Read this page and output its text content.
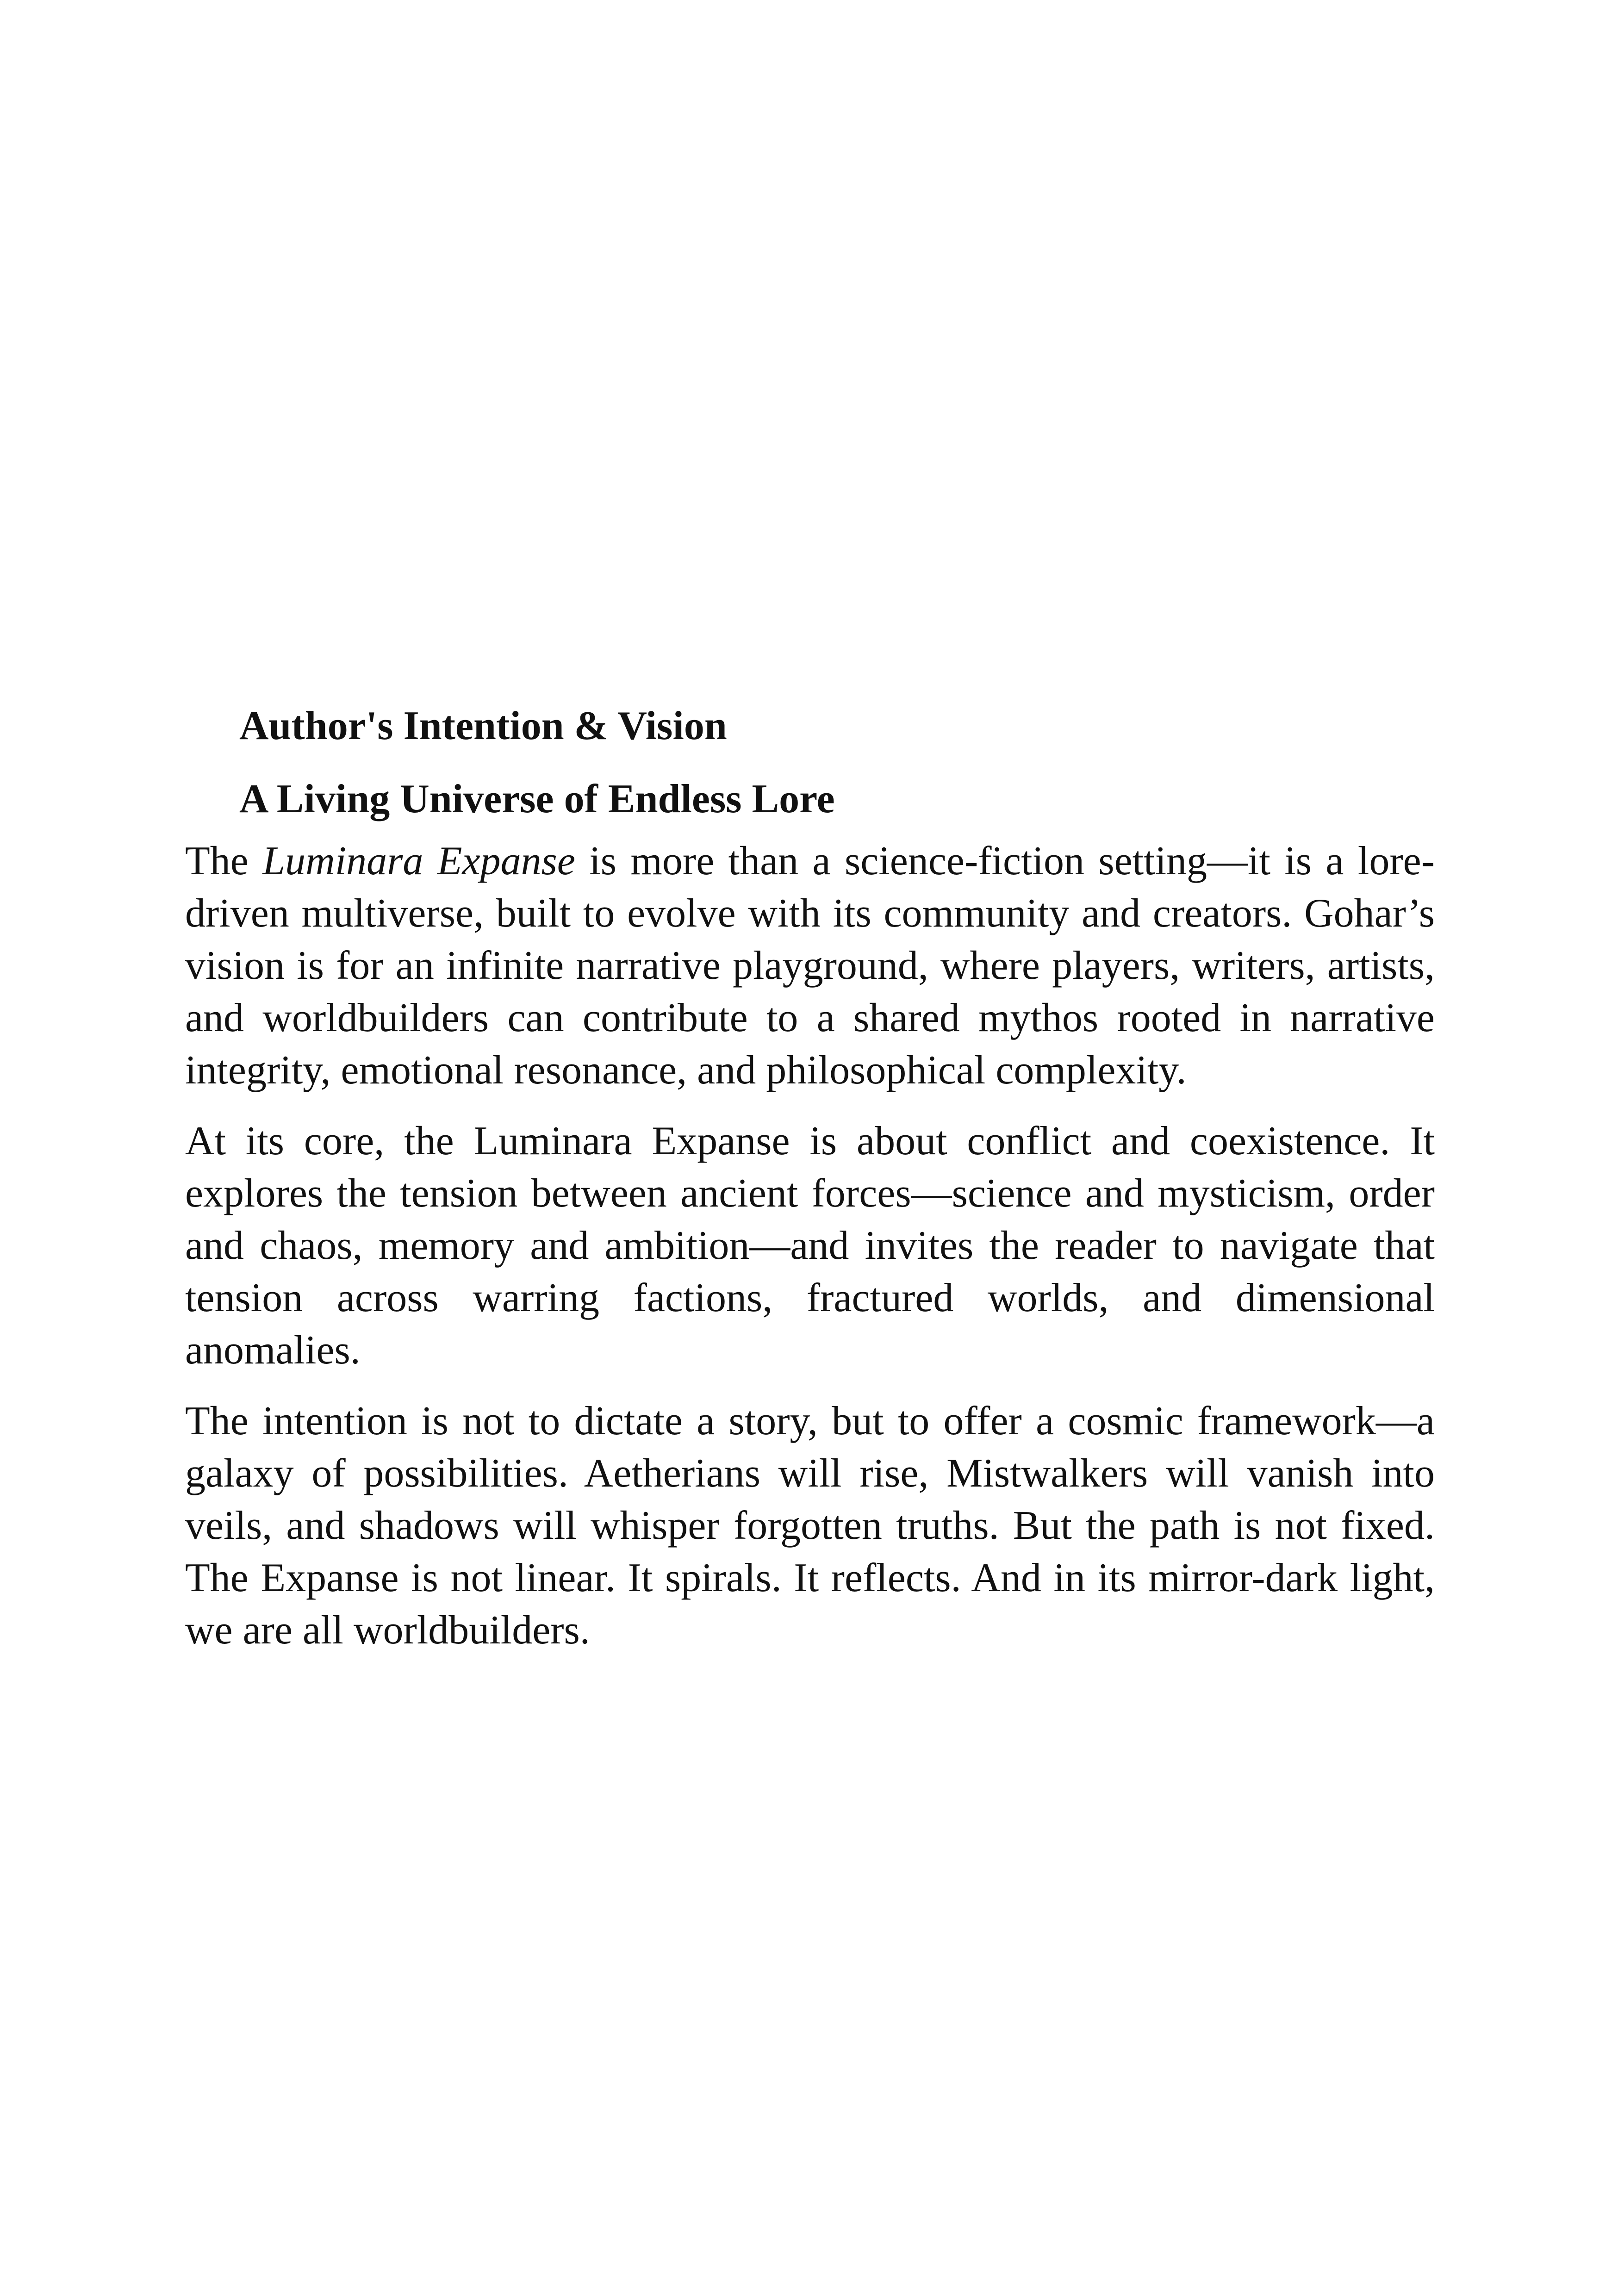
Author's Intention & Vision

A Living Universe of Endless Lore

The Luminara Expanse is more than a science-fiction setting—it is a lore-driven multiverse, built to evolve with its community and creators. Gohar’s vision is for an infinite narrative playground, where players, writers, artists, and worldbuilders can contribute to a shared mythos rooted in narrative integrity, emotional resonance, and philosophical complexity.

At its core, the Luminara Expanse is about conflict and coexistence. It explores the tension between ancient forces—science and mysticism, order and chaos, memory and ambition—and invites the reader to navigate that tension across warring factions, fractured worlds, and dimensional anomalies.

The intention is not to dictate a story, but to offer a cosmic framework—a galaxy of possibilities. Aetherians will rise, Mistwalkers will vanish into veils, and shadows will whisper forgotten truths. But the path is not fixed. The Expanse is not linear. It spirals. It reflects. And in its mirror-dark light, we are all worldbuilders.
